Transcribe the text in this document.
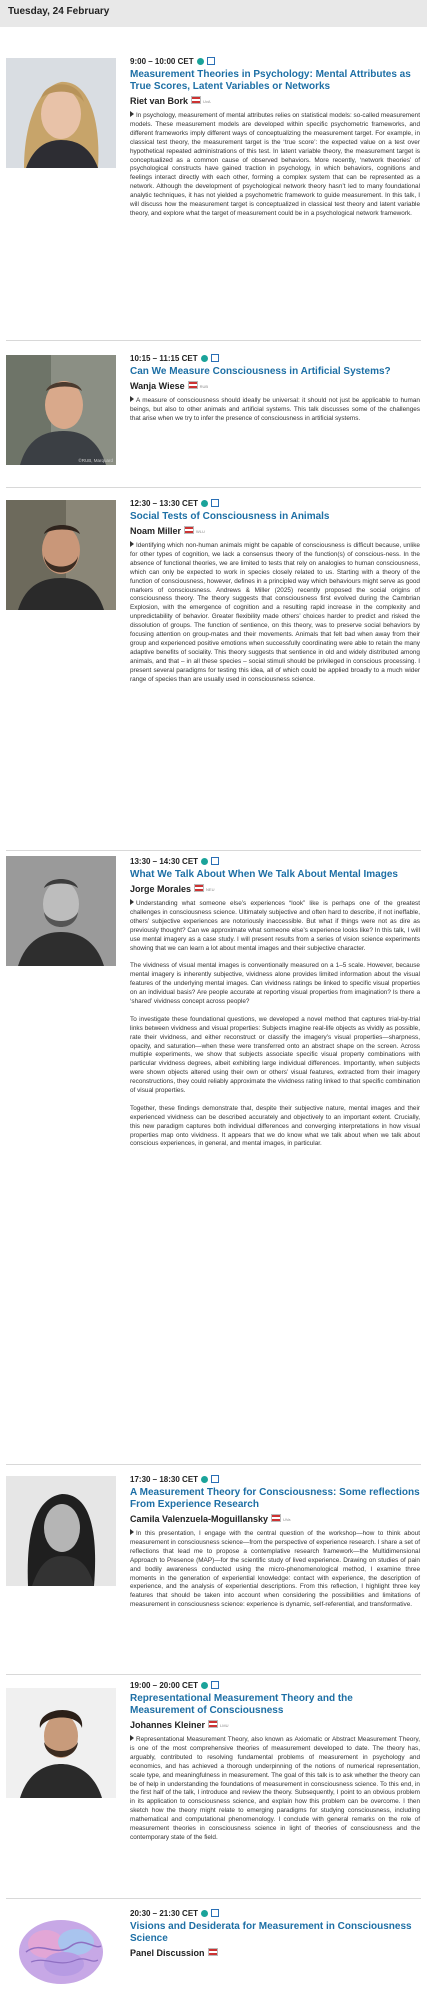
Tuesday, 24 February
9:00 – 10:00 CET
Measurement Theories in Psychology: Mental Attributes as True Scores, Latent Variables or Networks
Riet van Bork	UvA
In psychology, measurement of mental attributes relies on statistical models: so-called measurement models. These measurement models are developed within specific psychometric frameworks, and different frameworks imply different ways of conceptualizing the measurement target. For example, in classical test theory, the measurement target is the ‘true score’: the expected value on a test over hypothetical repeated administrations of this test. In latent variable theory, the measurement target is conceptualized as a common cause of observed behaviors. More recently, ‘network theories’ of psychological constructs have gained traction in psychology, in which behaviors, cognitions and feelings interact directly with each other, forming a complex system that can be represented as a network. Although the development of psychological network theory hasn’t led to many foundational analytic techniques, it has not yielded a psychometric framework to guide measurement. In this talk, I will discuss how the measurement target is conceptualized in classical test theory and latent variable theory, and explore what the target of measurement could be in a psychological network framework.
©RUB, Marquard
10:15 – 11:15 CET
Can We Measure Consciousness in Artificial Systems?
Wanja Wiese	RUB
A measure of consciousness should ideally be universal: it should not just be applicable to human beings, but also to other animals and artificial systems. This talk discusses some of the challenges that arise when we try to infer the presence of consciousness in artificial systems.
12:30 – 13:30 CET
Social Tests of Consciousness in Animals
Noam Miller	WLU
Identifying which non-human animals might be capable of consciousness is difficult because, unlike for other types of cognition, we lack a consensus theory of the function(s) of conscious-ness. In the absence of functional theories, we are limited to tests that rely on analogies to human consciousness, which can only be expected to work in species closely related to us. Starting with a theory of the function of consciousness, however, defines in a principled way which behaviours might serve as good markers of consciousness. Andrews & Miller (2025) recently proposed the social origins of consciousness theory. The theory suggests that consciousness first evolved during the Cambrian Explosion, with the emergence of cognition and a resulting rapid increase in the complexity and unpredictability of behavior. Greater flexibility made others’ choices harder to predict and risked the dissolution of groups. The function of sentience, on this theory, was to preserve social behaviors by focusing attention on group-mates and their movements. Animals that felt bad when away from their group and experienced positive emotions when successfully coordinating were able to retain the many adaptive benefits of sociality. This theory suggests that sentience in old and widely distributed among animals, and that – in all these species – social stimuli should be privileged in conscious processing. I present several paradigms for testing this idea, all of which could be applied broadly to a much wider range of species than are usually used in consciousness science.
13:30 – 14:30 CET
What We Talk About When We Talk About Mental Images
Jorge Morales	NEU
Understanding what someone else’s experiences “look” like is perhaps one of the greatest challenges in consciousness science. Ultimately subjective and often hard to describe, if not ineffable, others’ subjective experiences are notoriously inaccessible. But what if things were not as dire as previously thought? Can we approximate what someone else’s experience looks like? In this talk, I will use mental imagery as a case study. I will present results from a series of vision science experiments showing that we can learn a lot about mental images and their subjective character.

The vividness of visual mental images is conventionally measured on a 1–5 scale. However, because mental imagery is inherently subjective, vividness alone provides limited information about the visual features of the underlying mental images. Can vividness ratings be linked to specific visual properties on an individual basis? Are people accurate at reporting visual properties from imagination? Is there a ‘shared’ vividness concept across people?

To investigate these foundational questions, we developed a novel method that captures trial-by-trial links between vividness and visual properties: Subjects imagine real-life objects as vividly as possible, rate their vividness, and either reconstruct or classify the imagery’s visual properties—sharpness, opacity, and saturation—when these were transferred onto an abstract shape on the screen. Across multiple experiments, we show that subjects associate specific visual property combinations with particular vividness degrees, albeit exhibiting large individual differences. Importantly, when subjects were shown objects altered using their own or others’ visual features, extracted from their imagery reconstructions, they could reliably approximate the vividness rating linked to that specific combination of visual properties.

Together, these findings demonstrate that, despite their subjective nature, mental images and their experienced vividness can be described accurately and objectively to an important extent. Crucially, this new paradigm captures both individual differences and converging interpretations in how visual properties map onto vividness. It appears that we do know what we talk about when we talk about conscious experiences, in general, and mental images, in particular.
17:30 – 18:30 CET
A Measurement Theory for Consciousness: Some reflections From Experience Research
Camila Valenzuela-Moguillansky	UVa
In this presentation, I engage with the central question of the workshop—how to think about measurement in consciousness science—from the perspective of experience research. I share a set of reflections that lead me to propose a contemplative research framework—the Multidimensional Approach to Presence (MAP)—for the scientific study of lived experience. Drawing on studies of pain and bodily awareness conducted using the micro-phenomenological method, I examine three moments in the generation of experiential knowledge: contact with experience, the description of experience, and the analysis of experiential descriptions. From this reflection, I highlight three key features that should be taken into account when considering the possibilities and limitations of measurement in consciousness science: experience is dynamic, self-referential, and transformative.
19:00 – 20:00 CET
Representational Measurement Theory and the Measurement of Consciousness
Johannes Kleiner	LMU
Representational Measurement Theory, also known as Axiomatic or Abstract Measurement Theory, is one of the most comprehensive theories of measurement developed to date. The theory has, arguably, contributed to resolving fundamental problems of measurement in psychology and economics, and has achieved a thorough underpinning of the notions of numerical representation, scale type, and meaningfulness in measurement. The goal of this talk is to ask whether the theory can be of help in understanding the foundations of measurement in consciousness science. To this end, in the first half of the talk, I introduce and review the theory. Subsequently, I point to an obvious problem in its application to consciousness science, and explain how this problem can be overcome. I then sketch how the theory might relate to emerging paradigms for studying consciousness, including mathematical and computational phenomenology. I conclude with general remarks on the role of measurement theories in consciousness science in light of theories of consciousness and the contemporary state of the field.
20:30 – 21:30 CET
Visions and Desiderata for Measurement in Consciousness Science
Panel Discussion
